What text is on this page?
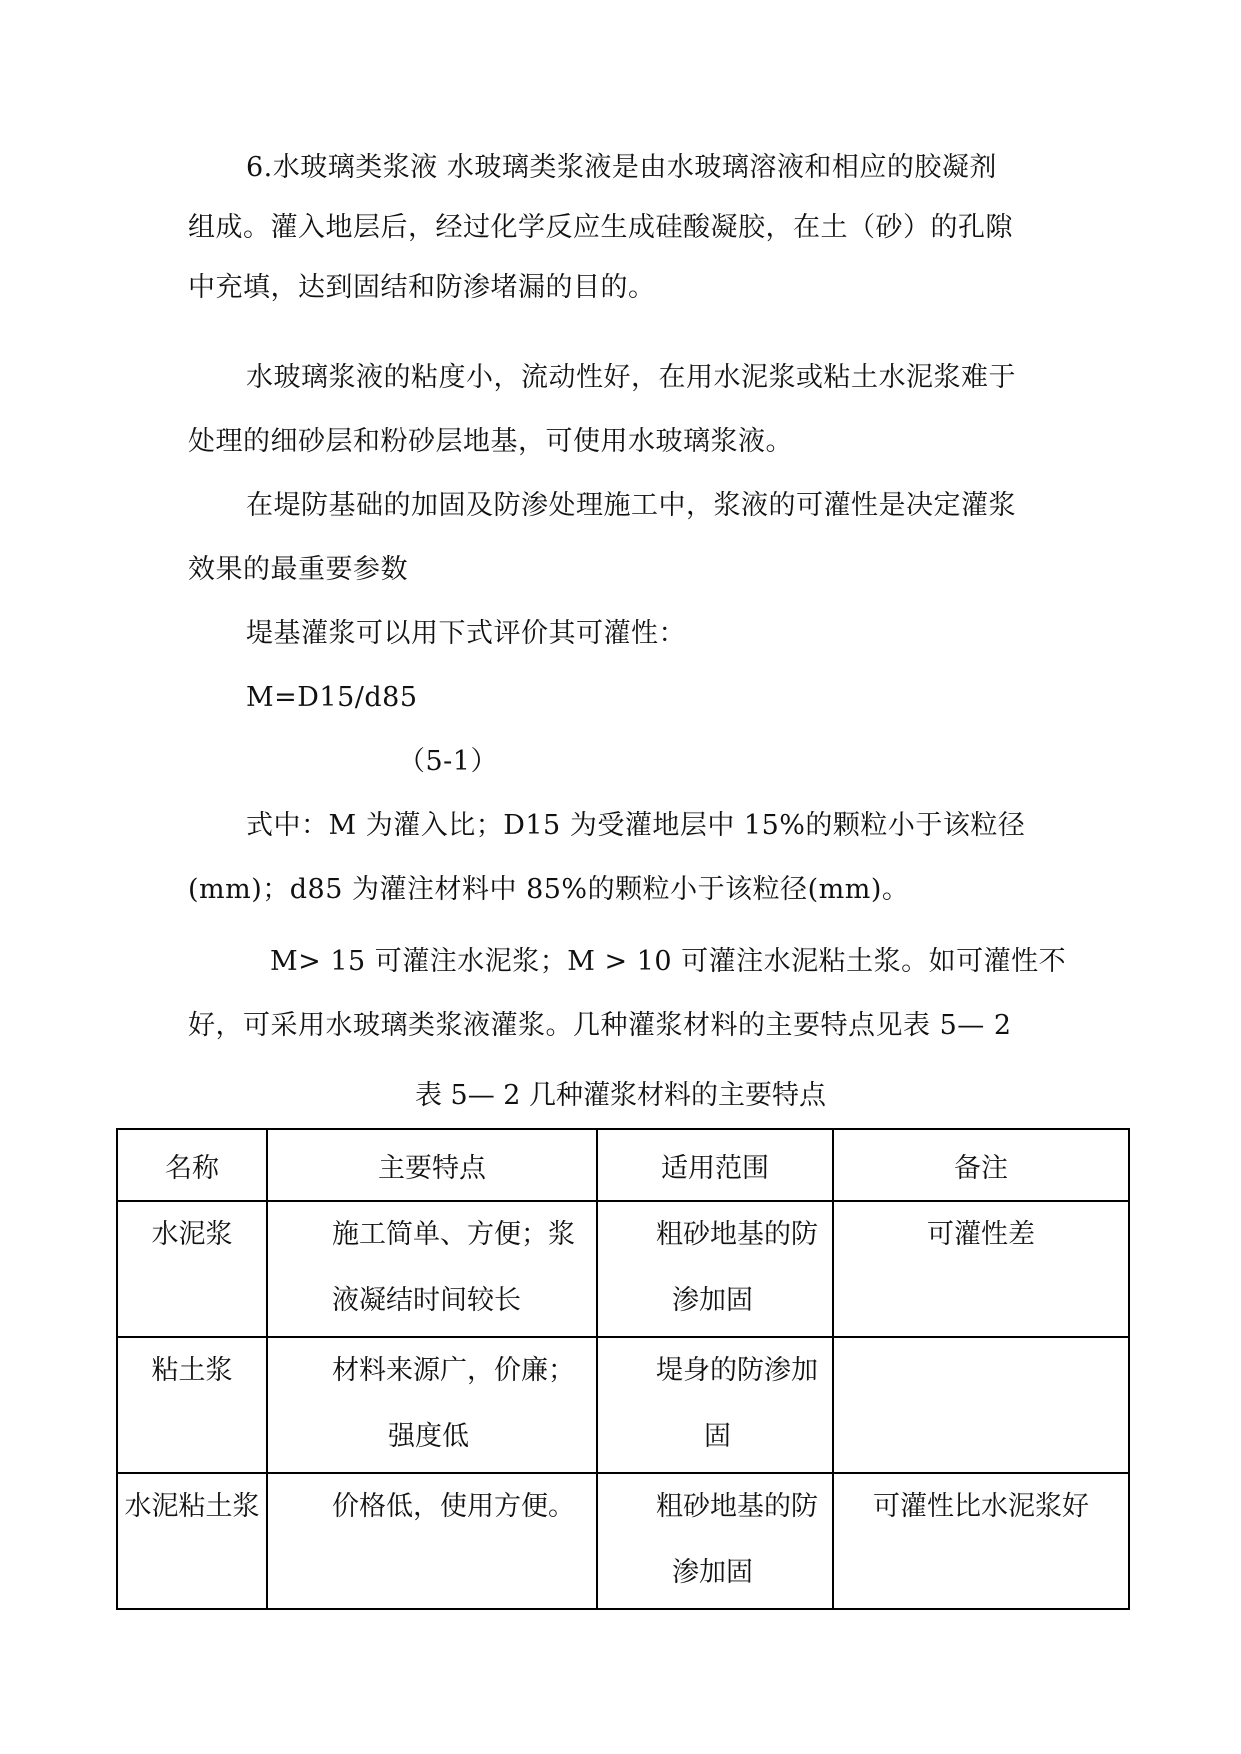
6.水玻璃类浆液 水玻璃类浆液是由水玻璃溶液和相应的胶凝剂
组成。灌入地层后，经过化学反应生成硅酸凝胶，在土（砂）的孔隙
中充填，达到固结和防渗堵漏的目的。
水玻璃浆液的粘度小，流动性好，在用水泥浆或粘土水泥浆难于
处理的细砂层和粉砂层地基，可使用水玻璃浆液。
在堤防基础的加固及防渗处理施工中，浆液的可灌性是决定灌浆
效果的最重要参数
堤基灌浆可以用下式评价其可灌性：
M=D15/d85
（5-1）
式中：M 为灌入比；D15 为受灌地层中 15%的颗粒小于该粒径
(mm)；d85 为灌注材料中 85%的颗粒小于该粒径(mm)。
M> 15 可灌注水泥浆；M > 10 可灌注水泥粘土浆。如可灌性不
好，可采用水玻璃类浆液灌浆。几种灌浆材料的主要特点见表 5— 2
表 5— 2 几种灌浆材料的主要特点
名称	主要特点	适用范围	备注

水泥浆	施工简单、方便；浆
液凝结时间较长	粗砂地基的防
渗加固	可灌性差

粘土浆	材料来源广，价廉；
强度低	堤身的防渗加
固	

水泥粘土浆	价格低，使用方便。	粗砂地基的防
渗加固	可灌性比水泥浆好
